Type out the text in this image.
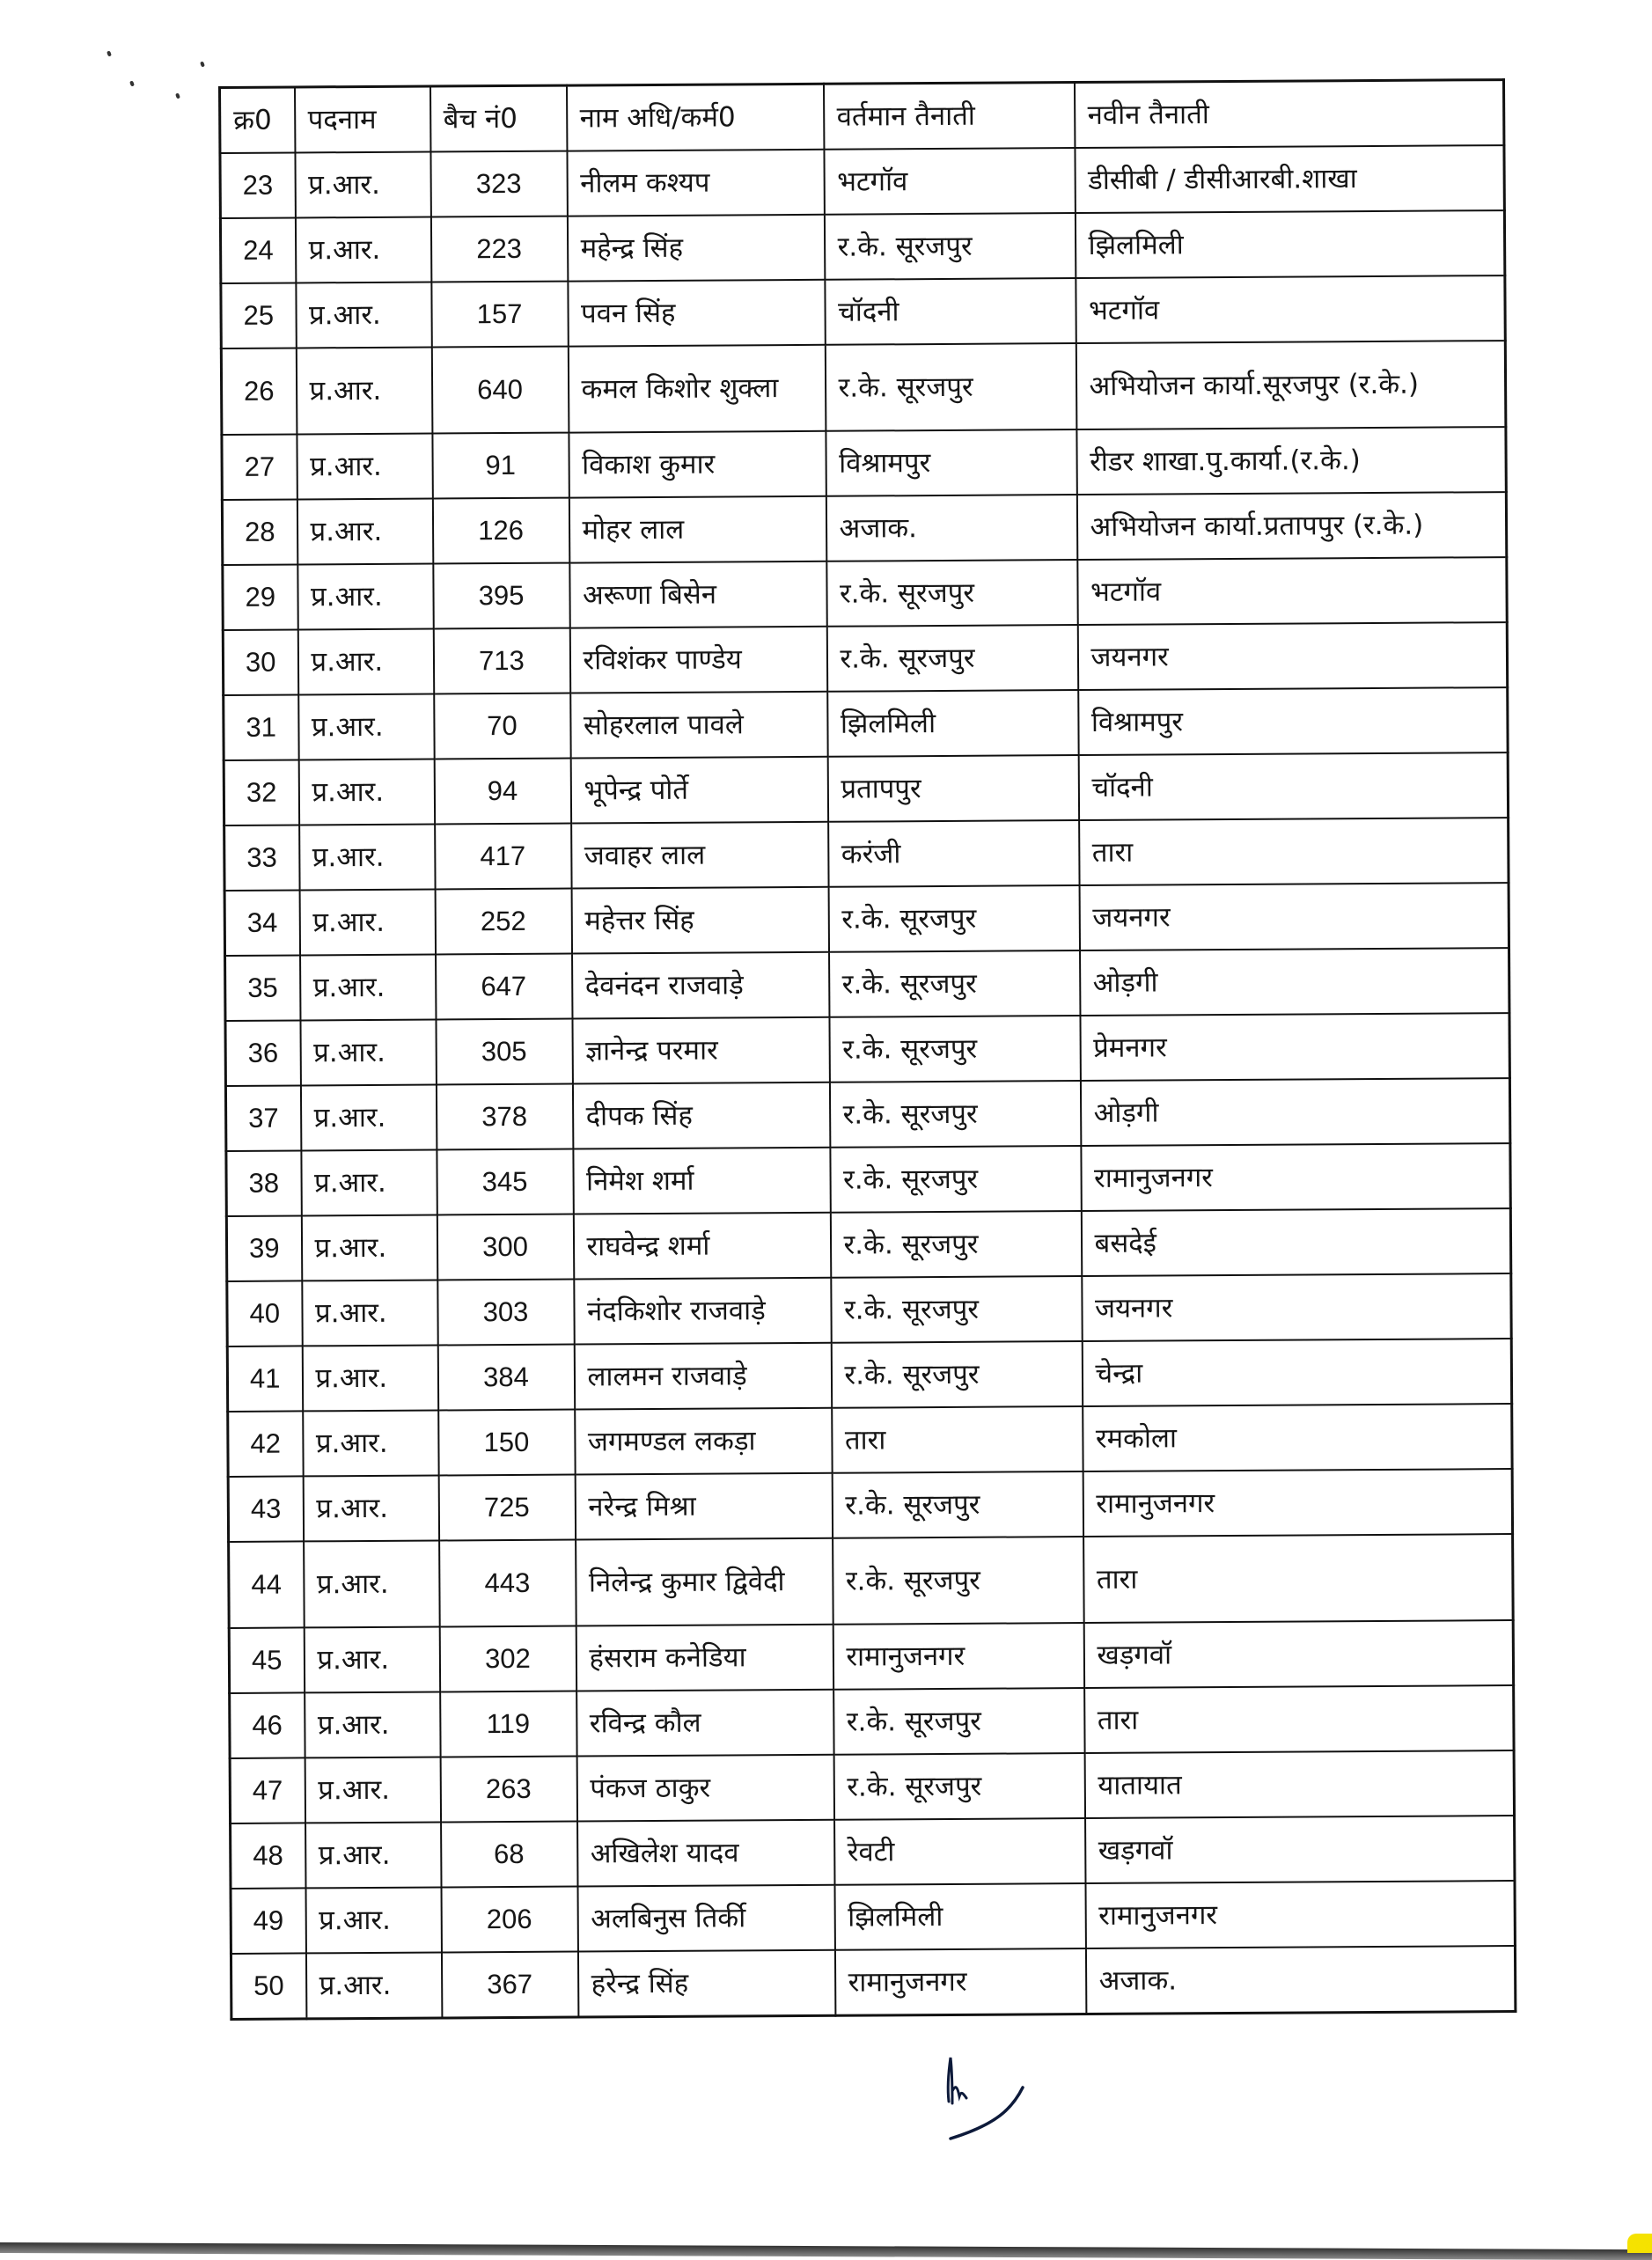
क्र0	पदनाम	बैच नं0	नाम अधि/कर्म0	वर्तमान तैनाती	नवीन तैनाती
23	प्र.आर.	323	नीलम कश्यप	भटगॉव	डीसीबी / डीसीआरबी.शाखा
24	प्र.आर.	223	महेन्द्र सिंह	र.के. सूरजपुर	झिलमिली
25	प्र.आर.	157	पवन सिंह	चॉदनी	भटगॉव
26	प्र.आर.	640	कमल किशोर शुक्ला	र.के. सूरजपुर	अभियोजन कार्या.सूरजपुर (र.के.)
27	प्र.आर.	91	विकाश कुमार	विश्रामपुर	रीडर शाखा.पु.कार्या.(र.के.)
28	प्र.आर.	126	मोहर लाल	अजाक.	अभियोजन कार्या.प्रतापपुर (र.के.)
29	प्र.आर.	395	अरूणा बिसेन	र.के. सूरजपुर	भटगॉव
30	प्र.आर.	713	रविशंकर पाण्डेय	र.के. सूरजपुर	जयनगर
31	प्र.आर.	70	सोहरलाल पावले	झिलमिली	विश्रामपुर
32	प्र.आर.	94	भूपेन्द्र पोर्ते	प्रतापपुर	चॉदनी
33	प्र.आर.	417	जवाहर लाल	करंजी	तारा
34	प्र.आर.	252	महेत्तर सिंह	र.के. सूरजपुर	जयनगर
35	प्र.आर.	647	देवनंदन राजवाड़े	र.के. सूरजपुर	ओड़गी
36	प्र.आर.	305	ज्ञानेन्द्र परमार	र.के. सूरजपुर	प्रेमनगर
37	प्र.आर.	378	दीपक सिंह	र.के. सूरजपुर	ओड़गी
38	प्र.आर.	345	निमेश शर्मा	र.के. सूरजपुर	रामानुजनगर
39	प्र.आर.	300	राघवेन्द्र शर्मा	र.के. सूरजपुर	बसदेई
40	प्र.आर.	303	नंदकिशोर राजवाड़े	र.के. सूरजपुर	जयनगर
41	प्र.आर.	384	लालमन राजवाड़े	र.के. सूरजपुर	चेन्द्रा
42	प्र.आर.	150	जगमण्डल लकड़ा	तारा	रमकोला
43	प्र.आर.	725	नरेन्द्र मिश्रा	र.के. सूरजपुर	रामानुजनगर
44	प्र.आर.	443	निलेन्द्र कुमार द्विवेदी	र.के. सूरजपुर	तारा
45	प्र.आर.	302	हंसराम कनेडिया	रामानुजनगर	खड़गवॉ
46	प्र.आर.	119	रविन्द्र कौल	र.के. सूरजपुर	तारा
47	प्र.आर.	263	पंकज ठाकुर	र.के. सूरजपुर	यातायात
48	प्र.आर.	68	अखिलेश यादव	रेवटी	खड़गवॉ
49	प्र.आर.	206	अलबिनुस तिर्की	झिलमिली	रामानुजनगर
50	प्र.आर.	367	हरेन्द्र सिंह	रामानुजनगर	अजाक.
